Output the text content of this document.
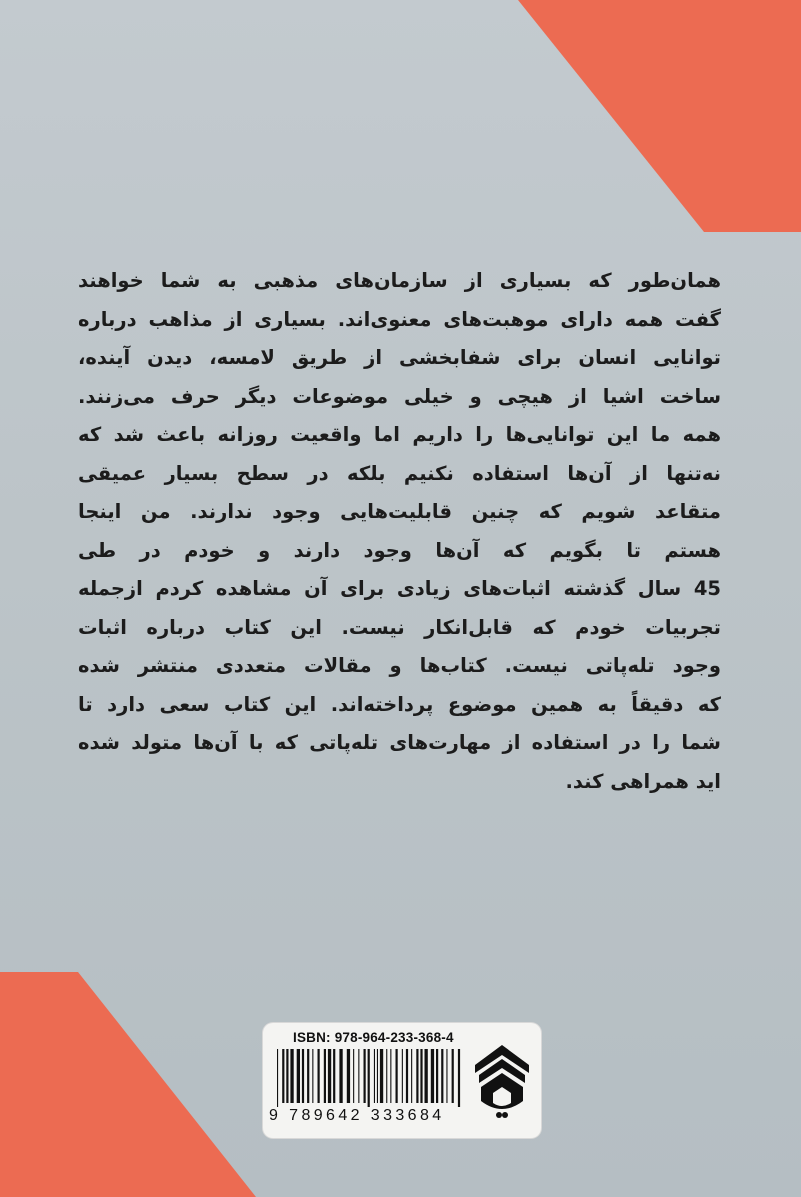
همان‌طور که بسیاری از سازمان‌های مذهبی به شما خواهند
گفت همه دارای موهبت‌های معنوی‌اند. بسیاری از مذاهب درباره
توانایی انسان برای شفابخشی از طریق لامسه، دیدن آینده،
ساخت اشیا از هیچی و خیلی موضوعات دیگر حرف می‌زنند.
همه ما این توانایی‌ها را داریم اما واقعیت روزانه باعث شد که
نه‌تنها از آن‌ها استفاده نکنیم بلکه در سطح بسیار عمیقی
متقاعد شویم که چنین قابلیت‌هایی وجود ندارند. من اینجا
هستم تا بگویم که آن‌ها وجود دارند و خودم در طی
45 سال گذشته اثبات‌های زیادی برای آن مشاهده کردم ازجمله
تجربیات خودم که قابل‌انکار نیست. این کتاب درباره اثبات
وجود تله‌پاتی نیست. کتاب‌ها و مقالات متعددی منتشر شده
که دقیقاً به همین موضوع پرداخته‌اند. این کتاب سعی دارد تا
شما را در استفاده از مهارت‌های تله‌پاتی که با آن‌ها متولد شده
اید همراهی کند.
ISBN: 978-964-233-368-4
9 789642 333684
